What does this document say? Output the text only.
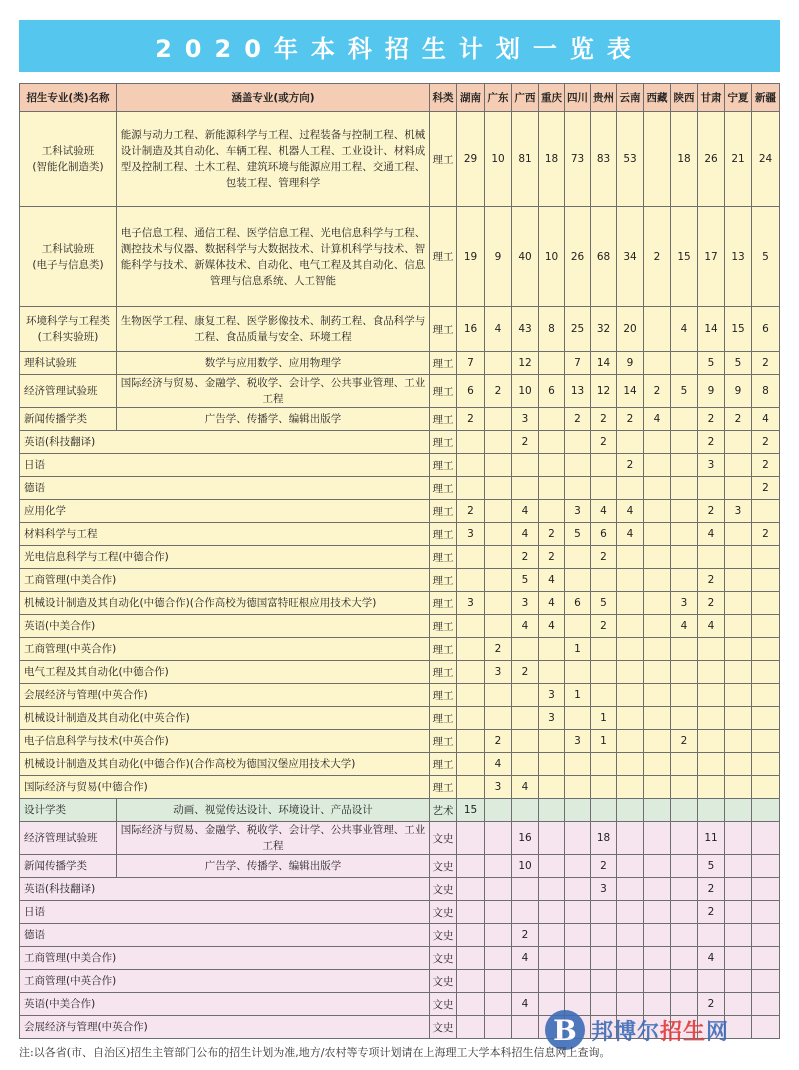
2020年本科招生计划一览表
招生专业(类)名称	涵盖专业(或方向)	科类	湖南	广东	广西	重庆	四川	贵州	云南	西藏	陕西	甘肃	宁夏	新疆

工科试验班
(智能化制造类)	能源与动力工程、新能源科学与工程、过程装备与控制工程、机械设计制造及其自动化、车辆工程、机器人工程、工业设计、材料成型及控制工程、土木工程、建筑环境与能源应用工程、交通工程、包装工程、管理科学	理工	29	10	81	18	73	83	53		18	26	21	24

工科试验班
(电子与信息类)	电子信息工程、通信工程、医学信息工程、光电信息科学与工程、测控技术与仪器、数据科学与大数据技术、计算机科学与技术、智能科学与技术、新媒体技术、自动化、电气工程及其自动化、信息管理与信息系统、人工智能	理工	19	9	40	10	26	68	34	2	15	17	13	5

环境科学与工程类
(工科实验班)	生物医学工程、康复工程、医学影像技术、制药工程、食品科学与工程、食品质量与安全、环境工程	理工	16	4	43	8	25	32	20		4	14	15	6

理科试验班	数学与应用数学、应用物理学	理工	7		12		7	14	9			5	5	2

经济管理试验班	国际经济与贸易、金融学、税收学、会计学、公共事业管理、工业工程	理工	6	2	10	6	13	12	14	2	5	9	9	8

新闻传播学类	广告学、传播学、编辑出版学	理工	2		3		2	2	2	4		2	2	4

英语(科技翻译)		理工			2			2				2		2

日语		理工							2			3		2

德语		理工												2

应用化学		理工	2		4		3	4	4			2	3	

材料科学与工程		理工	3		4	2	5	6	4			4		2

光电信息科学与工程(中德合作)		理工			2	2		2						

工商管理(中美合作)		理工			5	4						2		

机械设计制造及其自动化(中德合作)(合作高校为德国富特旺根应用技术大学)		理工	3		3	4	6	5			3	2		

英语(中美合作)		理工			4	4		2			4	4		

工商管理(中英合作)		理工		2			1							

电气工程及其自动化(中德合作)		理工		3	2									

会展经济与管理(中英合作)		理工				3	1							

机械设计制造及其自动化(中英合作)		理工				3		1						

电子信息科学与技术(中英合作)		理工		2			3	1			2			

机械设计制造及其自动化(中德合作)(合作高校为德国汉堡应用技术大学)		理工		4										

国际经济与贸易(中德合作)		理工		3	4									

设计学类	动画、视觉传达设计、环境设计、产品设计	艺术	15											

经济管理试验班	国际经济与贸易、金融学、税收学、会计学、公共事业管理、工业工程	文史			16			18				11		

新闻传播学类	广告学、传播学、编辑出版学	文史			10			2				5		

英语(科技翻译)		文史						3				2		

日语		文史										2		

德语		文史			2									

工商管理(中美合作)		文史			4							4		

工商管理(中英合作)		文史												

英语(中美合作)		文史			4							2		

会展经济与管理(中英合作)		文史													B 邦博尔招生网
注:以各省(市、自治区)招生主管部门公布的招生计划为准,地方/农村等专项计划请在上海理工大学本科招生信息网上查询。
